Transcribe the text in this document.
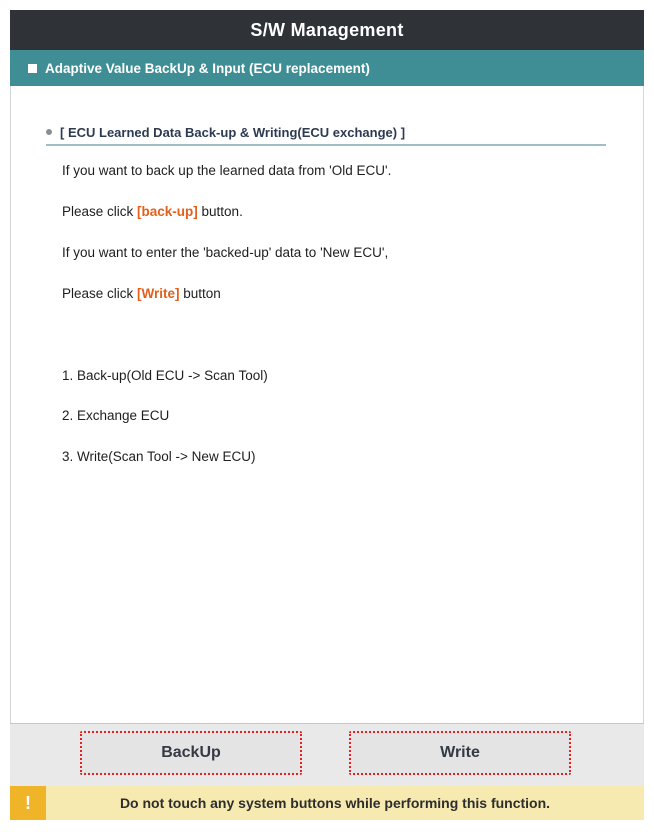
S/W Management
Adaptive Value BackUp & Input (ECU replacement)
[ ECU Learned Data Back-up & Writing(ECU exchange) ]
If you want to back up the learned data from 'Old ECU'.
Please click [back-up] button.
If you want to enter the 'backed-up' data to 'New ECU',
Please click [Write] button
1. Back-up(Old ECU -> Scan Tool)
2. Exchange ECU
3. Write(Scan Tool -> New ECU)
BackUp	Write
!	Do not touch any system buttons while performing this function.
